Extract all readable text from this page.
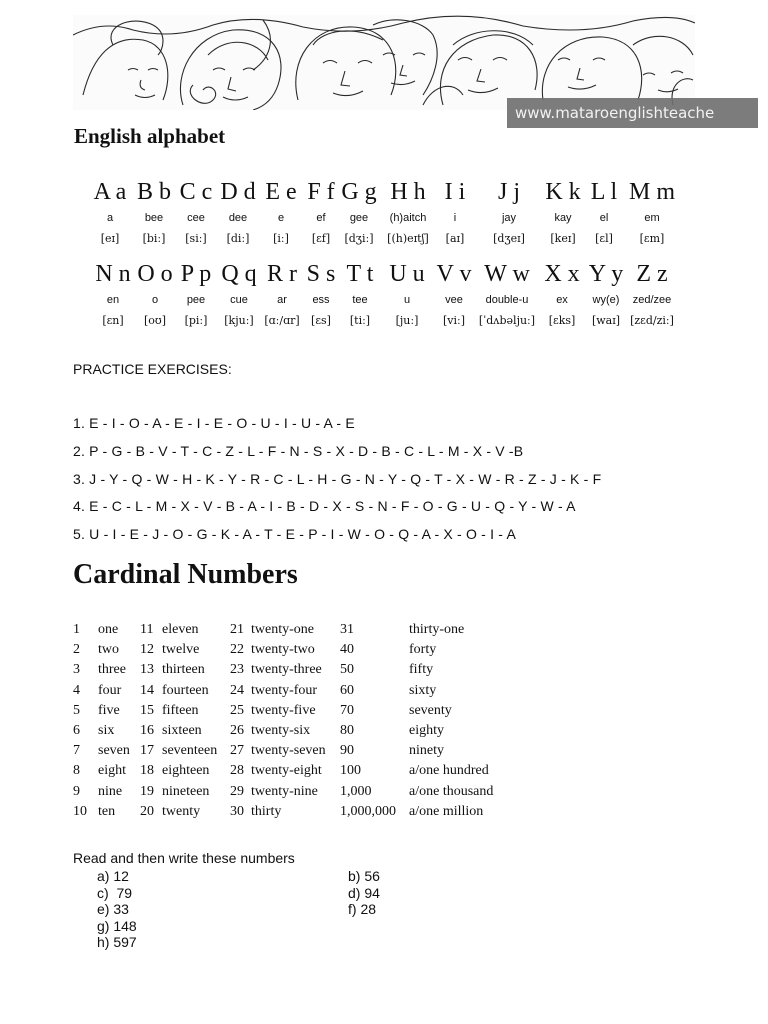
www.mataroenglishteache
English alphabet
A a
a
[eɪ]
B b
bee
[biː]
C c
cee
[siː]
D d
dee
[diː]
E e
e
[iː]
F f
ef
[ɛf]
G g
gee
[dʒiː]
H h
(h)aitch
[(h)eɪtʃ]
I i
i
[aɪ]
J j
jay
[dʒeɪ]
K k
kay
[keɪ]
L l
el
[ɛl]
M m
em
[ɛm]
N n
en
[ɛn]
O o
o
[oʊ]
P p
pee
[piː]
Q q
cue
[kjuː]
R r
ar
[ɑː/ɑr]
S s
ess
[ɛs]
T t
tee
[tiː]
U u
u
[juː]
V v
vee
[viː]
W w
double-u
[ˈdʌbəljuː]
X x
ex
[ɛks]
Y y
wy(e)
[waɪ]
Z z
zed/zee
[zɛd/ziː]
PRACTICE EXERCISES:
1. E - I - O - A - E - I - E - O - U - I - U - A - E
2. P - G - B - V - T - C - Z - L - F - N - S - X - D - B - C - L - M - X - V -B
3. J - Y - Q - W - H - K - Y - R - C - L - H - G - N - Y - Q - T - X - W - R - Z - J - K - F
4. E - C - L - M - X - V - B - A - I - B - D - X - S - N - F - O - G - U - Q - Y - W - A
5. U - I - E - J - O - G - K - A - T - E - P - I - W - O - Q - A - X - O - I - A
Cardinal Numbers
1 one 11 eleven 21 twenty-one 31	thirty-one
2 two 12 twelve 22 twenty-two 40	forty
3 three 13 thirteen 23 twenty-three 50	fifty
4 four 14 fourteen 24 twenty-four 60	sixty
5 five 15 fifteen 25 twenty-five 70	seventy
6 six 16 sixteen 26 twenty-six 80	eighty
7 seven 17 seventeen 27 twenty-seven 90	ninety
8 eight 18 eighteen 28 twenty-eight 100	a/one hundred
9 nine 19 nineteen 29 twenty-nine 1,000	a/one thousand
10 ten 20 twenty 30 thirty	1,000,000 a/one million
Read and then write these numbers
a) 12
c)  79
e) 33
g) 148
h) 597
b) 56
d) 94
f) 28
